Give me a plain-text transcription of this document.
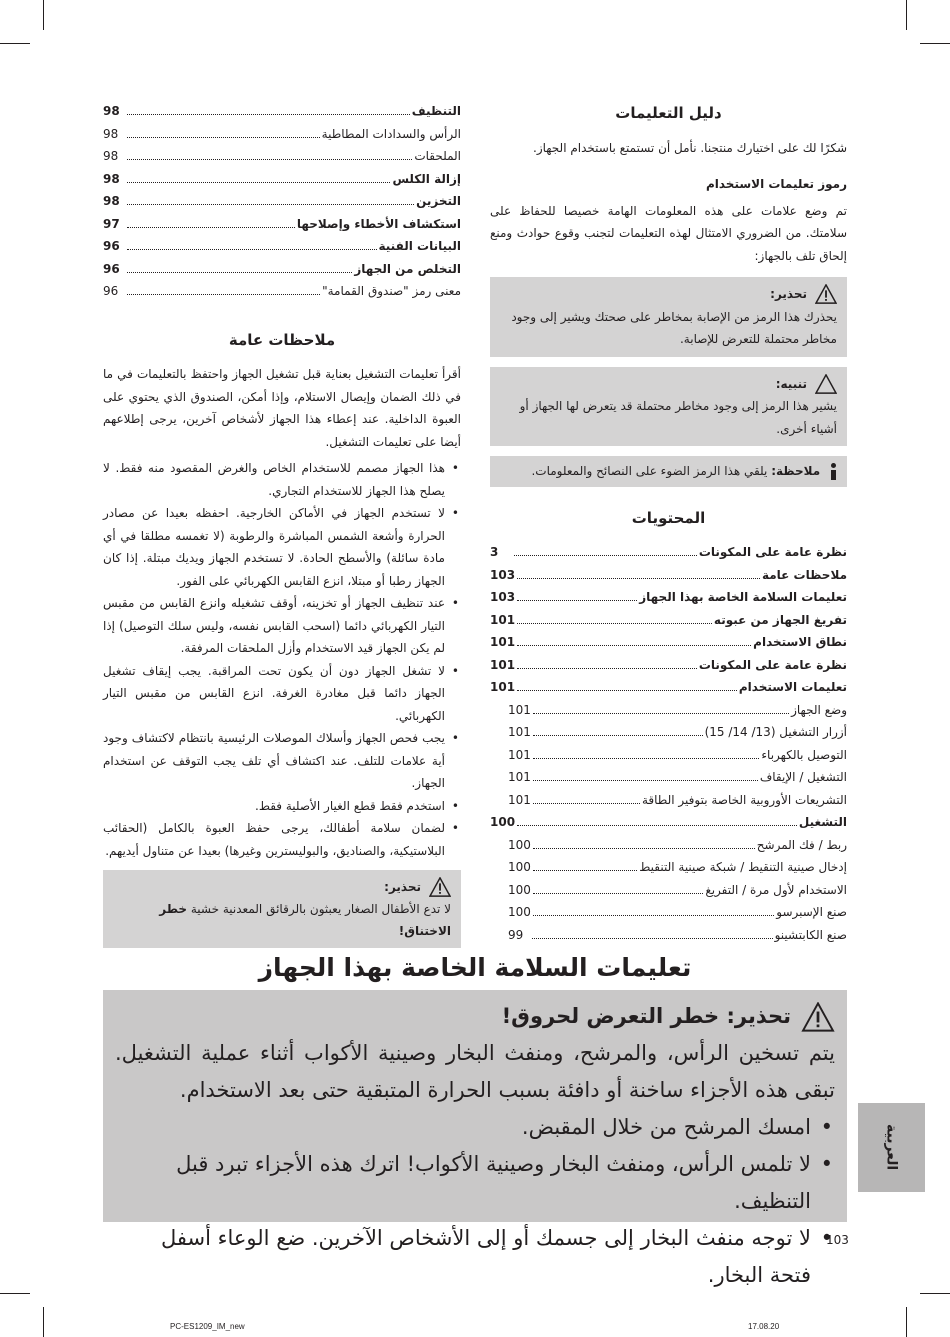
دليل التعليمات

شكرًا لك على اختيارك منتجنا. نأمل أن تستمتع باستخدام الجهاز.

رموز تعليمات الاستخدام

تم وضع علامات على هذه المعلومات الهامة خصيصا للحفاظ على سلامتك. من الضروري الامتثال لهذه التعليمات لتجنب وقوع حوادث ومنع إلحاق تلف بالجهاز:

تحذير:
يحذرك هذا الرمز من الإصابة بمخاطر على صحتك ويشير إلى وجود مخاطر محتملة للتعرض للإصابة.
تنبيه:
يشير هذا الرمز إلى وجود مخاطر محتملة قد يتعرض لها الجهاز أو أشياء أخرى.
ملاحظة: يلقي هذا الرمز الضوء على النصائح والمعلومات.
المحتويات
نظرة عامة على المكونات
3
ملاحظات عامة
103
تعليمات السلامة الخاصة بهذا الجهاز
103
تفريغ الجهاز من عبوته
101
نطاق الاستخدام
101
نظرة عامة على المكونات
101
تعليمات الاستخدام
101
وضع الجهاز
101
أزرار التشغيل (13/ 14/ 15)
101
التوصيل بالكهرباء
101
التشغيل / الإيقاف
101
التشريعات الأوروبية الخاصة بتوفير الطاقة
101
التشغيل
100
ربط / فك المرشح
100
إدخال صينية التنقيط / شبكة صينية التنقيط
100
الاستخدام لأول مرة / التفريغ
100
صنع الإسبرسو
100
صنع الكابتشينو
99
التنظيف
98
الرأس والسدادات المطاطية
98
الملحقات
98
إزالة الكلس
98
التخزين
98
استكشاف الأخطاء وإصلاحها
97
البيانات الفنية
96
التخلص من الجهاز
96
معنى رمز "صندوق القمامة"
96
ملاحظات عامة

أقرأ تعليمات التشغيل بعناية قبل تشغيل الجهاز واحتفظ بالتعليمات في ما في ذلك الضمان وإيصال الاستلام، وإذا أمكن، الصندوق الذي يحتوي على العبوة الداخلية. عند إعطاء هذا الجهاز لأشخاص آخرين، يرجى إطلاعهم أيضا على تعليمات التشغيل.

• هذا الجهاز مصمم للاستخدام الخاص والغرض المقصود منه فقط. لا يصلح هذا الجهاز للاستخدام التجاري.
• لا تستخدم الجهاز في الأماكن الخارجية. احفظه بعيدا عن مصادر الحرارة وأشعة الشمس المباشرة والرطوبة (لا تغمسه مطلقا في أي مادة سائلة) والأسطح الحادة. لا تستخدم الجهاز ويديك مبتلة. إذا كان الجهاز رطبا أو مبتلا، انزع القابس الكهربائي على الفور.
• عند تنظيف الجهاز أو تخزينه، أوقف تشغيله وانزع القابس من مقبس التيار الكهربائي دائما (اسحب القابس نفسه، وليس سلك التوصيل) إذا لم يكن الجهاز قيد الاستخدام وأزل الملحقات المرفقة.
• لا تشغل الجهاز دون أن يكون تحت المراقبة. يجب إيقاف تشغيل الجهاز دائما قبل مغادرة الغرفة. انزع القابس من مقبس التيار الكهربائي.
• يجب فحص الجهاز وأسلاك الموصلات الرئيسية بانتظام لاكتشاف وجود أية علامات للتلف. عند اكتشاف أي تلف يجب التوقف عن استخدام الجهاز.
• استخدم فقط قطع الغيار الأصلية فقط.
• لضمان سلامة أطفالك، يرجى حفظ العبوة بالكامل (الحقائب البلاستيكية، والصناديق، والبوليسترين وغيرها) بعيدا عن متناول أيديهم.
تحذير:
لا تدع الأطفال الصغار يعبثون بالرقائق المعدنية خشية خطر الاختناق!
تعليمات السلامة الخاصة بهذا الجهاز
تحذير: خطر التعرض لحروق!

يتم تسخين الرأس، والمرشح، ومنفث البخار وصينية الأكواب أثناء عملية التشغيل. تبقى هذه الأجزاء ساخنة أو دافئة بسبب الحرارة المتبقية حتى بعد الاستخدام.

• امسك المرشح من خلال المقبض.
• لا تلمس الرأس، ومنفث البخار وصينية الأكواب! اترك هذه الأجزاء تبرد قبل التنظيف.
• لا توجه منفث البخار إلى جسمك أو إلى الأشخاص الآخرين. ضع الوعاء أسفل فتحة البخار.
العربية
103
PC-ES1209_IM_new	17.08.20
